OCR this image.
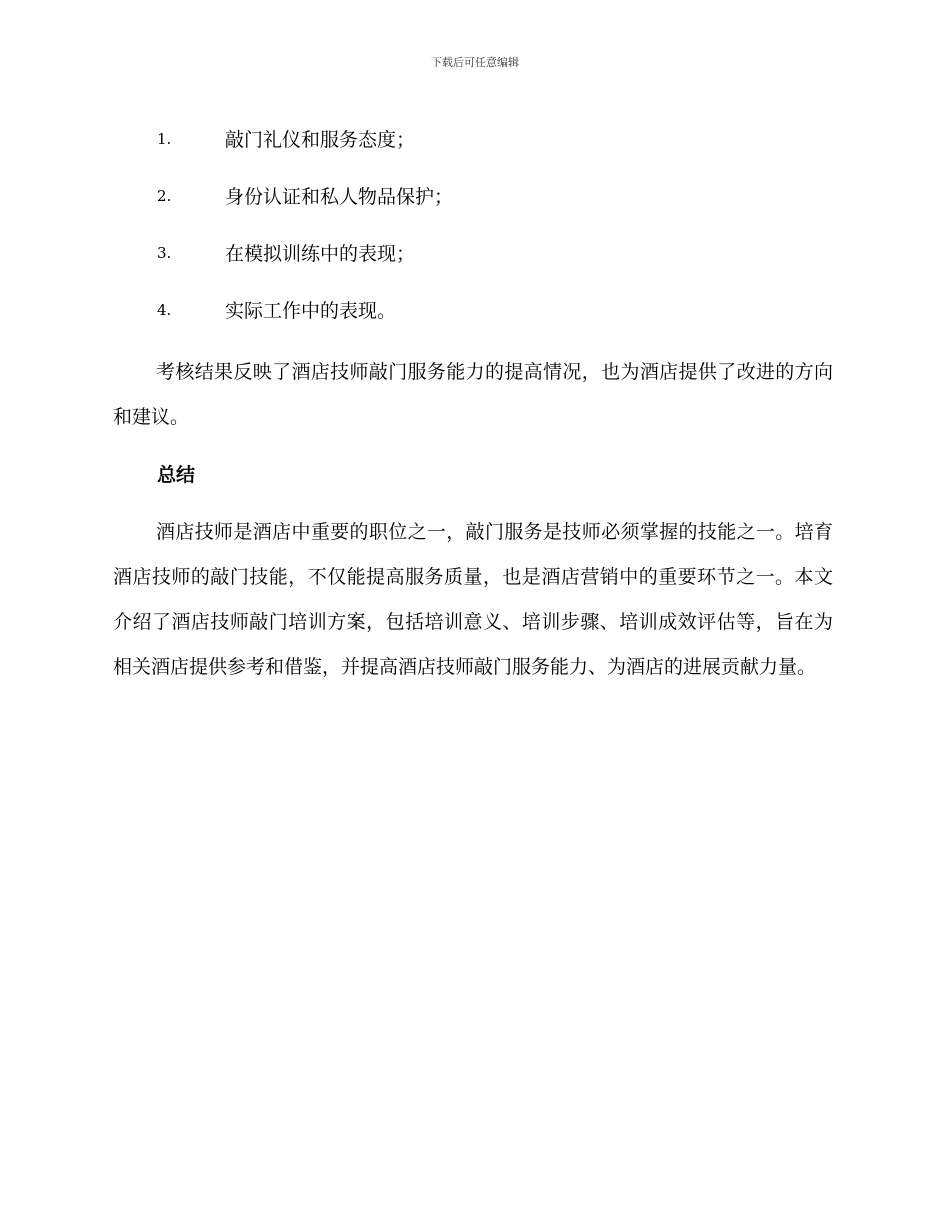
下载后可任意编辑
1.	敲门礼仪和服务态度；
2.	身份认证和私人物品保护；
3.	在模拟训练中的表现；
4.	实际工作中的表现。

考核结果反映了酒店技师敲门服务能力的提高情况，也为酒店提供了改进的方向和建议。

总结

酒店技师是酒店中重要的职位之一，敲门服务是技师必须掌握的技能之一。培育酒店技师的敲门技能，不仅能提高服务质量，也是酒店营销中的重要环节之一。本文介绍了酒店技师敲门培训方案，包括培训意义、培训步骤、培训成效评估等，旨在为相关酒店提供参考和借鉴，并提高酒店技师敲门服务能力、为酒店的进展贡献力量。
